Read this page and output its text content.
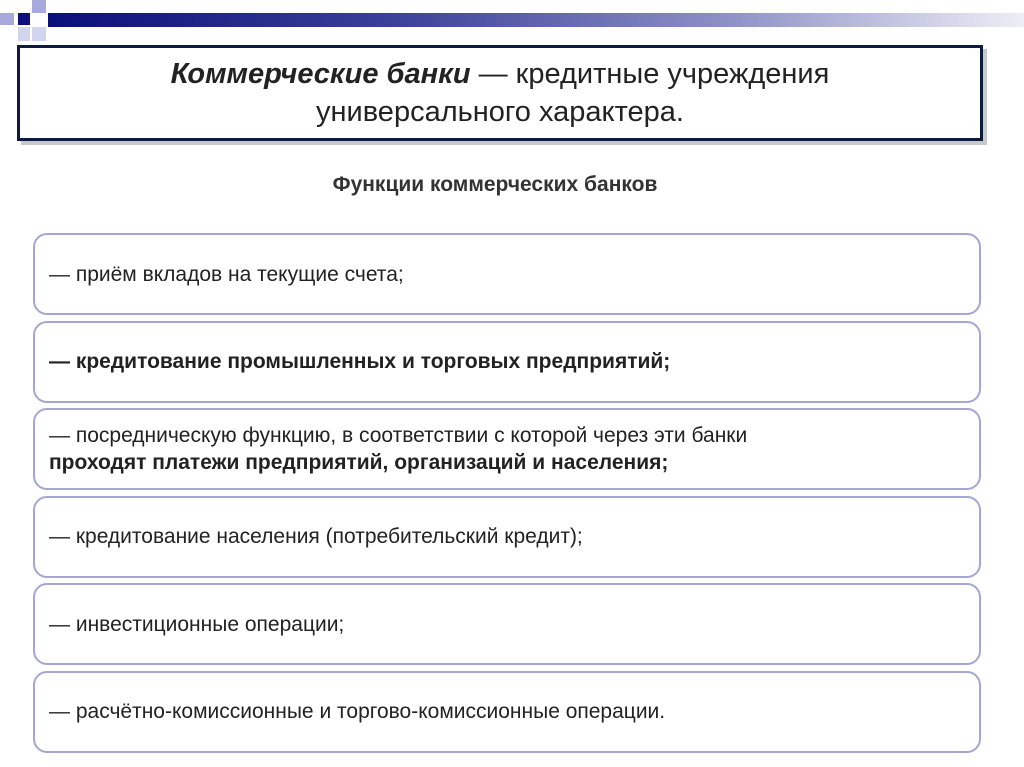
Коммерческие банки — кредитные учреждения
универсального характера.
Функции коммерческих банков
— приём вкладов на текущие счета;
— кредитование промышленных и торговых предприятий;
— посредническую функцию, в соответствии с которой через эти банки
проходят платежи предприятий, организаций и населения;
— кредитование населения (потребительский кредит);
— инвестиционные операции;
— расчётно-комиссионные и торгово-комиссионные операции.
